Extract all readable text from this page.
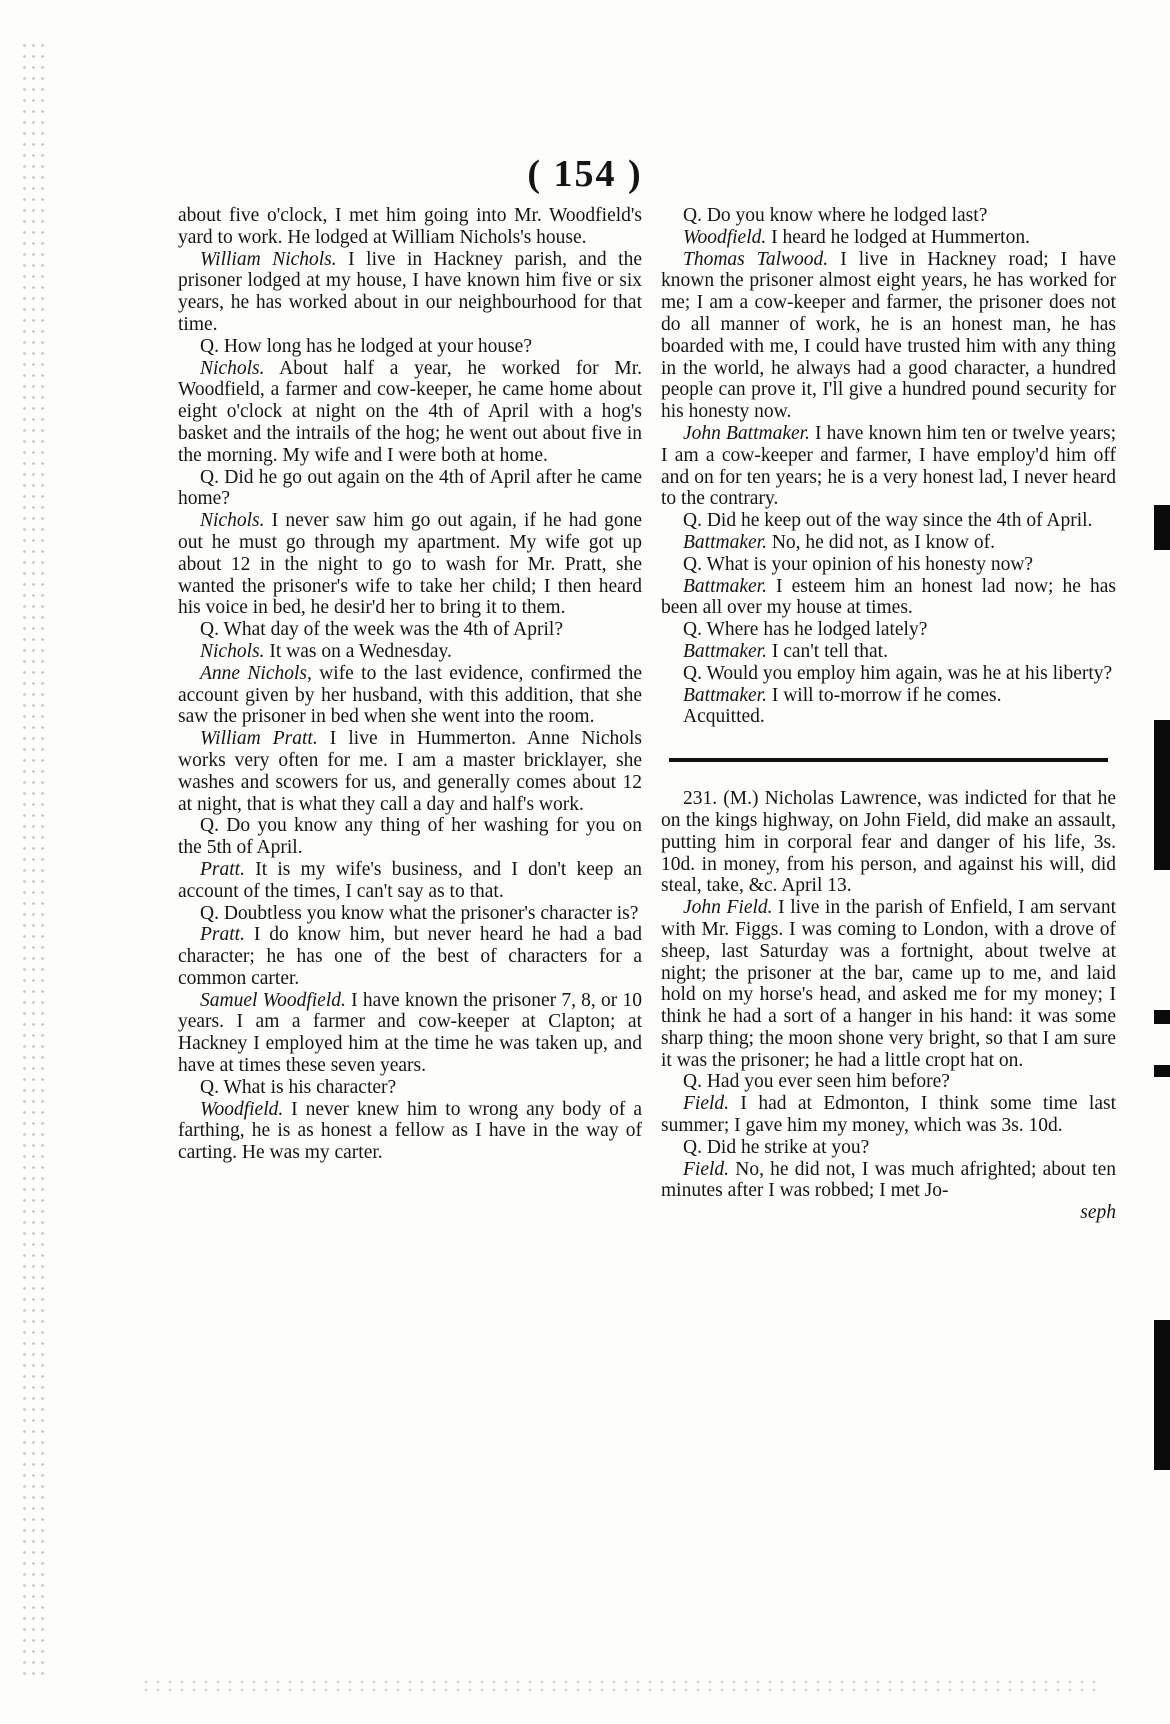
( 154 )

about five o'clock, I met him going into Mr. Woodfield's yard to work. He lodged at William Nichols's house.

William Nichols. I live in Hackney parish, and the prisoner lodged at my house, I have known him five or six years, he has worked about in our neighbourhood for that time.

Q. How long has he lodged at your house?

Nichols. About half a year, he worked for Mr. Woodfield, a farmer and cow-keeper, he came home about eight o'clock at night on the 4th of April with a hog's basket and the intrails of the hog; he went out about five in the morning. My wife and I were both at home.

Q. Did he go out again on the 4th of April after he came home?

Nichols. I never saw him go out again, if he had gone out he must go through my apartment. My wife got up about 12 in the night to go to wash for Mr. Pratt, she wanted the prisoner's wife to take her child; I then heard his voice in bed, he desir'd her to bring it to them.

Q. What day of the week was the 4th of April?

Nichols. It was on a Wednesday.

Anne Nichols, wife to the last evidence, confirmed the account given by her husband, with this addition, that she saw the prisoner in bed when she went into the room.

William Pratt. I live in Hummerton. Anne Nichols works very often for me. I am a master bricklayer, she washes and scowers for us, and generally comes about 12 at night, that is what they call a day and half's work.

Q. Do you know any thing of her washing for you on the 5th of April.

Pratt. It is my wife's business, and I don't keep an account of the times, I can't say as to that.

Q. Doubtless you know what the prisoner's character is?

Pratt. I do know him, but never heard he had a bad character; he has one of the best of characters for a common carter.

Samuel Woodfield. I have known the prisoner 7, 8, or 10 years. I am a farmer and cow-keeper at Clapton; at Hackney I employed him at the time he was taken up, and have at times these seven years.

Q. What is his character?

Woodfield. I never knew him to wrong any body of a farthing, he is as honest a fellow as I have in the way of carting. He was my carter.

Q. Do you know where he lodged last?

Woodfield. I heard he lodged at Hummerton.

Thomas Talwood. I live in Hackney road; I have known the prisoner almost eight years, he has worked for me; I am a cow-keeper and farmer, the prisoner does not do all manner of work, he is an honest man, he has boarded with me, I could have trusted him with any thing in the world, he always had a good character, a hundred people can prove it, I'll give a hundred pound security for his honesty now.

John Battmaker. I have known him ten or twelve years; I am a cow-keeper and farmer, I have employ'd him off and on for ten years; he is a very honest lad, I never heard to the contrary.

Q. Did he keep out of the way since the 4th of April.

Battmaker. No, he did not, as I know of.

Q. What is your opinion of his honesty now?

Battmaker. I esteem him an honest lad now; he has been all over my house at times.

Q. Where has he lodged lately?

Battmaker. I can't tell that.

Q. Would you employ him again, was he at his liberty?

Battmaker. I will to-morrow if he comes.

Acquitted.

231. (M.) Nicholas Lawrence, was indicted for that he on the kings highway, on John Field, did make an assault, putting him in corporal fear and danger of his life, 3s. 10d. in money, from his person, and against his will, did steal, take, &c. April 13.

John Field. I live in the parish of Enfield, I am servant with Mr. Figgs. I was coming to London, with a drove of sheep, last Saturday was a fortnight, about twelve at night; the prisoner at the bar, came up to me, and laid hold on my horse's head, and asked me for my money; I think he had a sort of a hanger in his hand: it was some sharp thing; the moon shone very bright, so that I am sure it was the prisoner; he had a little cropt hat on.

Q. Had you ever seen him before?

Field. I had at Edmonton, I think some time last summer; I gave him my money, which was 3s. 10d.

Q. Did he strike at you?

Field. No, he did not, I was much afrighted; about ten minutes after I was robbed; I met Jo-

seph
